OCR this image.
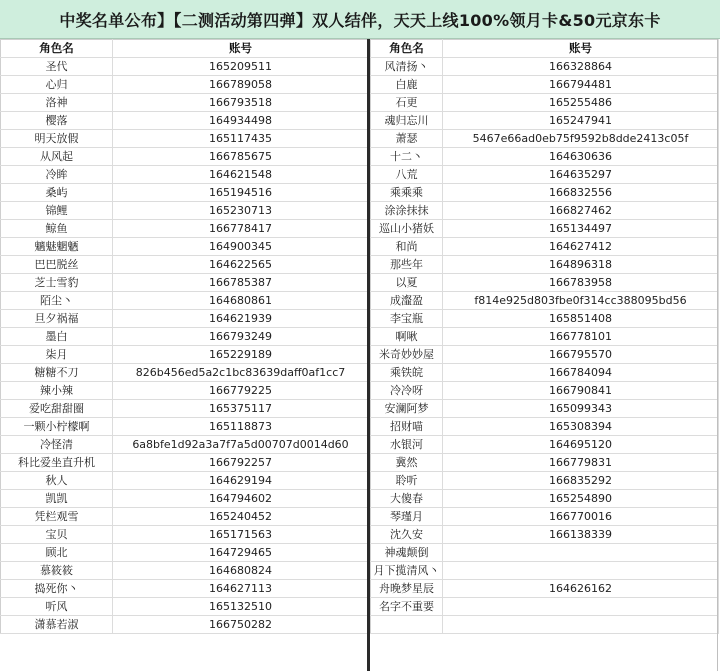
中奖名单公布】【二测活动第四弹】双人结伴，天天上线100%领月卡&50元京东卡
角色名	账号
圣代	165209511
心归	166789058
洛神	166793518
樱落	164934498
明天放假	165117435
从风起	166785675
冷眸	164621548
桑屿	165194516
锦鲤	165230713
鲸鱼	166778417
魑魅魍魉	164900345
巴巴脱丝	164622565
芝士雪豹	166785387
陌尘丶	164680861
旦夕祸福	164621939
墨白	166793249
柒月	165229189
糖糖不刀	826b456ed5a2c1bc83639daff0af1cc7
辣小辣	166779225
爱吃甜甜圈	165375117
一颗小柠檬啊	165118873
冷怪清	6a8bfe1d92a3a7f7a5d00707d0014d60
科比爱坐直升机	166792257
秋人	164629194
凯凯	164794602
凭栏观雪	165240452
宝贝	165171563
顾北	164729465
慕筱筱	164680824
捣死你丶	164627113
听风	165132510
潇慕若淑	166750282
角色名	账号
风清扬丶	166328864
白鹿	166794481
石更	165255486
魂归忘川	165247941
萧瑟	5467e66ad0eb75f9592b8dde2413c05f
十二丶	164630636
八荒	164635297
乘乘乘	166832556
涂涂抹抹	166827462
巡山小猪妖	165134497
和尚	164627412
那些年	164896318
以夏	166783958
成瀣盈	f814e925d803fbe0f314cc388095bd56
李宝瓶	165851408
啊啾	166778101
米奇妙妙屋	166795570
乘铁皖	166784094
冷冷呀	166790841
安澜阿梦	165099343
招财喵	165308394
水银河	164695120
冀然	166779831
聆听	166835292
大傻春	165254890
琴瑾月	166770016
沈久安	166138339
神魂颠倒	
月下揽清风丶	
舟晚梦星辰	164626162
名字不重要	
